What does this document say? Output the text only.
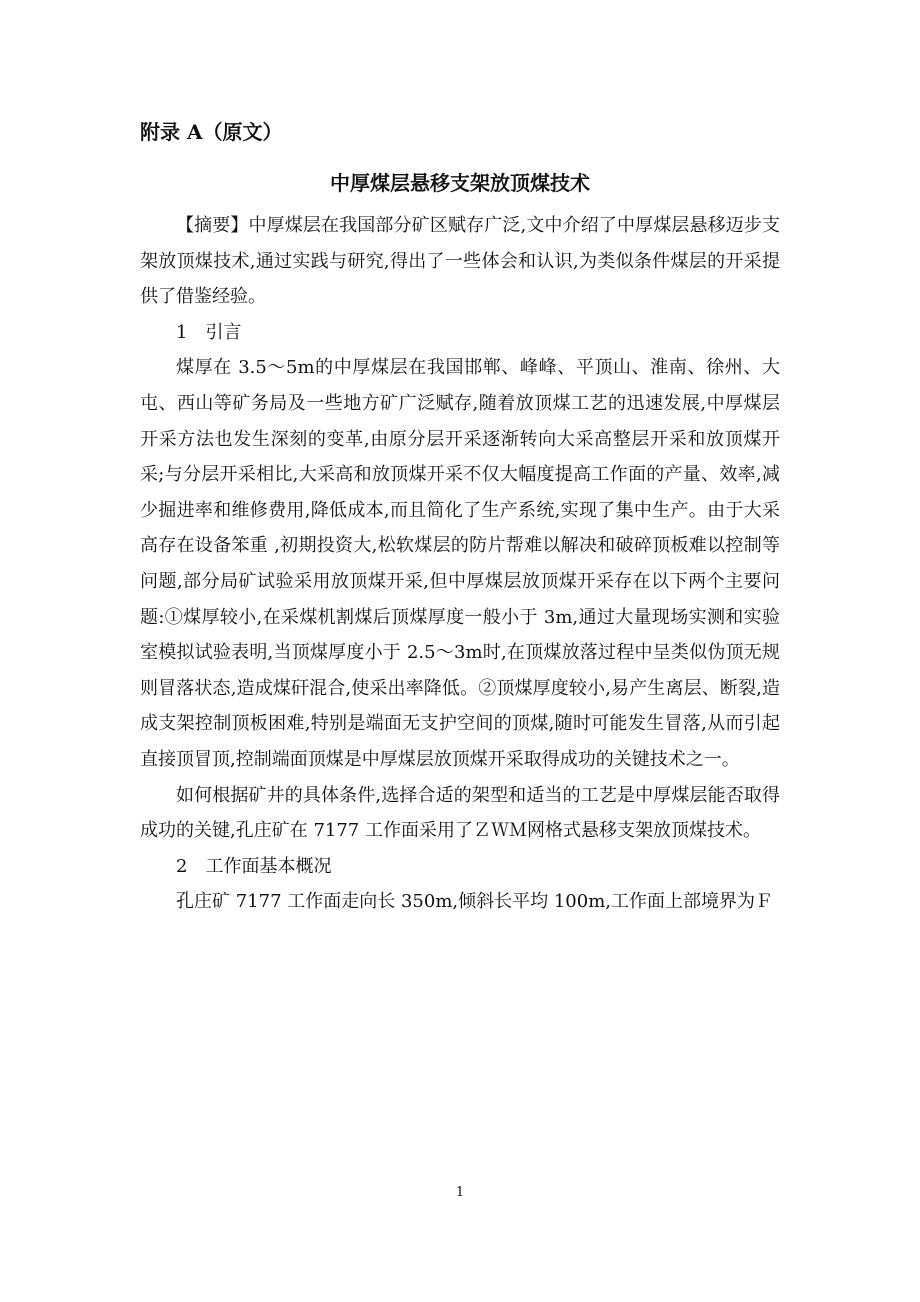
附录 A（原文）
中厚煤层悬移支架放顶煤技术

【摘要】中厚煤层在我国部分矿区赋存广泛,文中介绍了中厚煤层悬移迈步支架放顶煤技术,通过实践与研究,得出了一些体会和认识,为类似条件煤层的开采提供了借鉴经验。

1　引言

煤厚在 3.5～5m的中厚煤层在我国邯郸、峰峰、平顶山、淮南、徐州、大屯、西山等矿务局及一些地方矿广泛赋存,随着放顶煤工艺的迅速发展,中厚煤层开采方法也发生深刻的变革,由原分层开采逐渐转向大采高整层开采和放顶煤开采;与分层开采相比,大采高和放顶煤开采不仅大幅度提高工作面的产量、效率,减少掘进率和维修费用,降低成本,而且简化了生产系统,实现了集中生产。由于大采高存在设备笨重 ,初期投资大,松软煤层的防片帮难以解决和破碎顶板难以控制等问题,部分局矿试验采用放顶煤开采,但中厚煤层放顶煤开采存在以下两个主要问题:①煤厚较小,在采煤机割煤后顶煤厚度一般小于 3m,通过大量现场实测和实验室模拟试验表明,当顶煤厚度小于 2.5～3m时,在顶煤放落过程中呈类似伪顶无规则冒落状态,造成煤矸混合,使采出率降低。②顶煤厚度较小,易产生离层、断裂,造成支架控制顶板困难,特别是端面无支护空间的顶煤,随时可能发生冒落,从而引起直接顶冒顶,控制端面顶煤是中厚煤层放顶煤开采取得成功的关键技术之一。

如何根据矿井的具体条件,选择合适的架型和适当的工艺是中厚煤层能否取得成功的关键,孔庄矿在 7177 工作面采用了ＺＷＭ网格式悬移支架放顶煤技术。

2　工作面基本概况

孔庄矿 7177 工作面走向长 350m,倾斜长平均 100m,工作面上部境界为Ｆ

1
